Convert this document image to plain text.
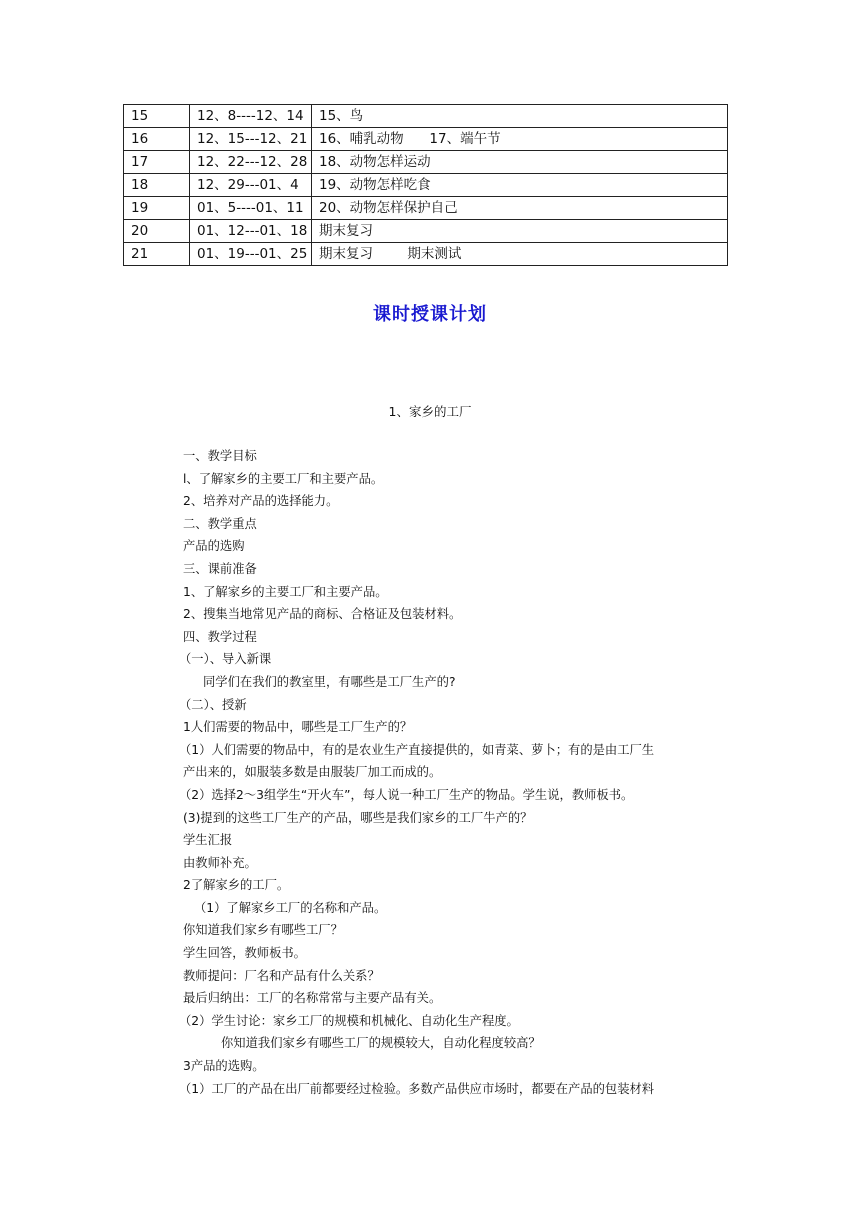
15	12、8----12、14	15、鸟
16	12、15---12、21	16、哺乳动物      17、端午节
17	12、22---12、28	18、动物怎样运动
18	12、29---01、4	19、动物怎样吃食
19	01、5----01、11	20、动物怎样保护自己
20	01、12---01、18	期末复习
21	01、19---01、25	期末复习        期末测试
课时授课计划
1、家乡的工厂
一、教学目标
l、了解家乡的主要工厂和主要产品。
2、培养对产品的选择能力。
二、教学重点
产品的选购
三、课前准备
1、了解家乡的主要工厂和主要产品。
2、搜集当地常见产品的商标、合格证及包装材料。
四、教学过程
（一）、导入新课
同学们在我们的教室里，有哪些是工厂生产的?
（二）、授新
1人们需要的物品中，哪些是工厂生产的？
（1）人们需要的物品中，有的是农业生产直接提供的，如青菜、萝卜；有的是由工厂生
产出来的，如服装多数是由服装厂加工而成的。
（2）选择2～3组学生“开火车”，每人说一种工厂生产的物品。学生说，教师板书。
(3)提到的这些工厂生产的产品，哪些是我们家乡的工厂牛产的？
学生汇报
由教师补充。
2了解家乡的工厂。
（1）了解家乡工厂的名称和产品。
你知道我们家乡有哪些工厂？
学生回答，教师板书。
教师提问：厂名和产品有什么关系？
最后归纳出：工厂的名称常常与主要产品有关。
（2）学生讨论：家乡工厂的规模和机械化、自动化生产程度。
你知道我们家乡有哪些工厂的规模较大，自动化程度较高？
3产品的选购。
（1）工厂的产品在出厂前都要经过检验。多数产品供应市场时，都要在产品的包装材料
